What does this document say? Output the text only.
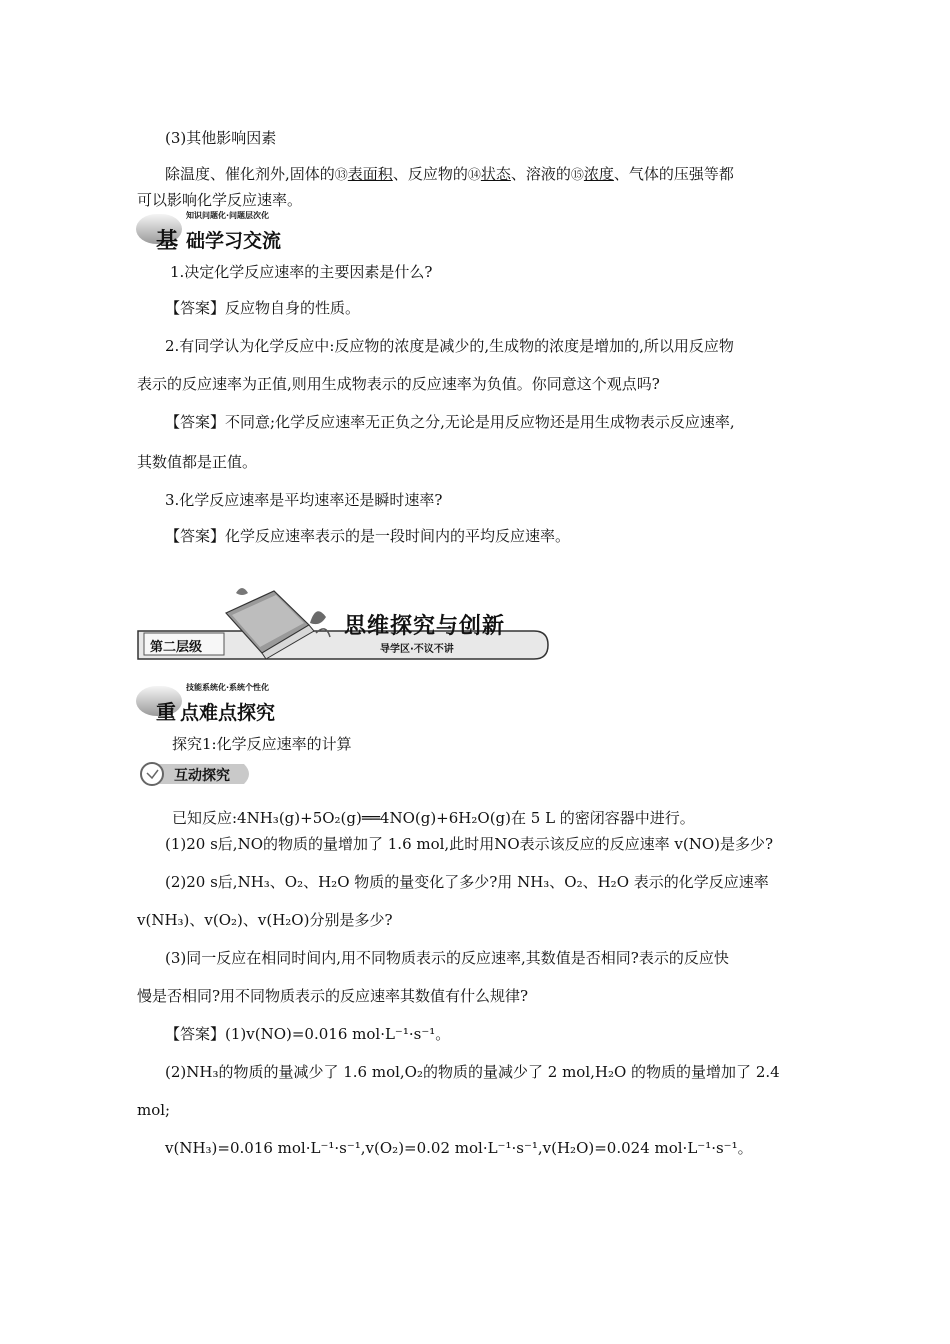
(3)其他影响因素
除温度、催化剂外,固体的⑬表面积、反应物的⑭状态、溶液的⑮浓度、气体的压强等都
可以影响化学反应速率。
知识问题化·问题层次化
基 础学习交流
1.决定化学反应速率的主要因素是什么?
【答案】反应物自身的性质。
2.有同学认为化学反应中:反应物的浓度是减少的,生成物的浓度是增加的,所以用反应物
表示的反应速率为正值,则用生成物表示的反应速率为负值。你同意这个观点吗?
【答案】不同意;化学反应速率无正负之分,无论是用反应物还是用生成物表示反应速率,
其数值都是正值。
3.化学反应速率是平均速率还是瞬时速率?
【答案】化学反应速率表示的是一段时间内的平均反应速率。
第二层级
思维探究与创新
导学区·不议不讲
技能系统化·系统个性化
重 点难点探究
探究1:化学反应速率的计算
互动探究
已知反应:4NH₃(g)+5O₂(g)══4NO(g)+6H₂O(g)在 5 L 的密闭容器中进行。
(1)20 s后,NO的物质的量增加了 1.6 mol,此时用NO表示该反应的反应速率 v(NO)是多少?
(2)20 s后,NH₃、O₂、H₂O 物质的量变化了多少?用 NH₃、O₂、H₂O 表示的化学反应速率
v(NH₃)、v(O₂)、v(H₂O)分别是多少?
(3)同一反应在相同时间内,用不同物质表示的反应速率,其数值是否相同?表示的反应快
慢是否相同?用不同物质表示的反应速率其数值有什么规律?
【答案】(1)v(NO)=0.016 mol·L⁻¹·s⁻¹。
(2)NH₃的物质的量减少了 1.6 mol,O₂的物质的量减少了 2 mol,H₂O 的物质的量增加了 2.4
mol;
v(NH₃)=0.016 mol·L⁻¹·s⁻¹,v(O₂)=0.02 mol·L⁻¹·s⁻¹,v(H₂O)=0.024 mol·L⁻¹·s⁻¹。
